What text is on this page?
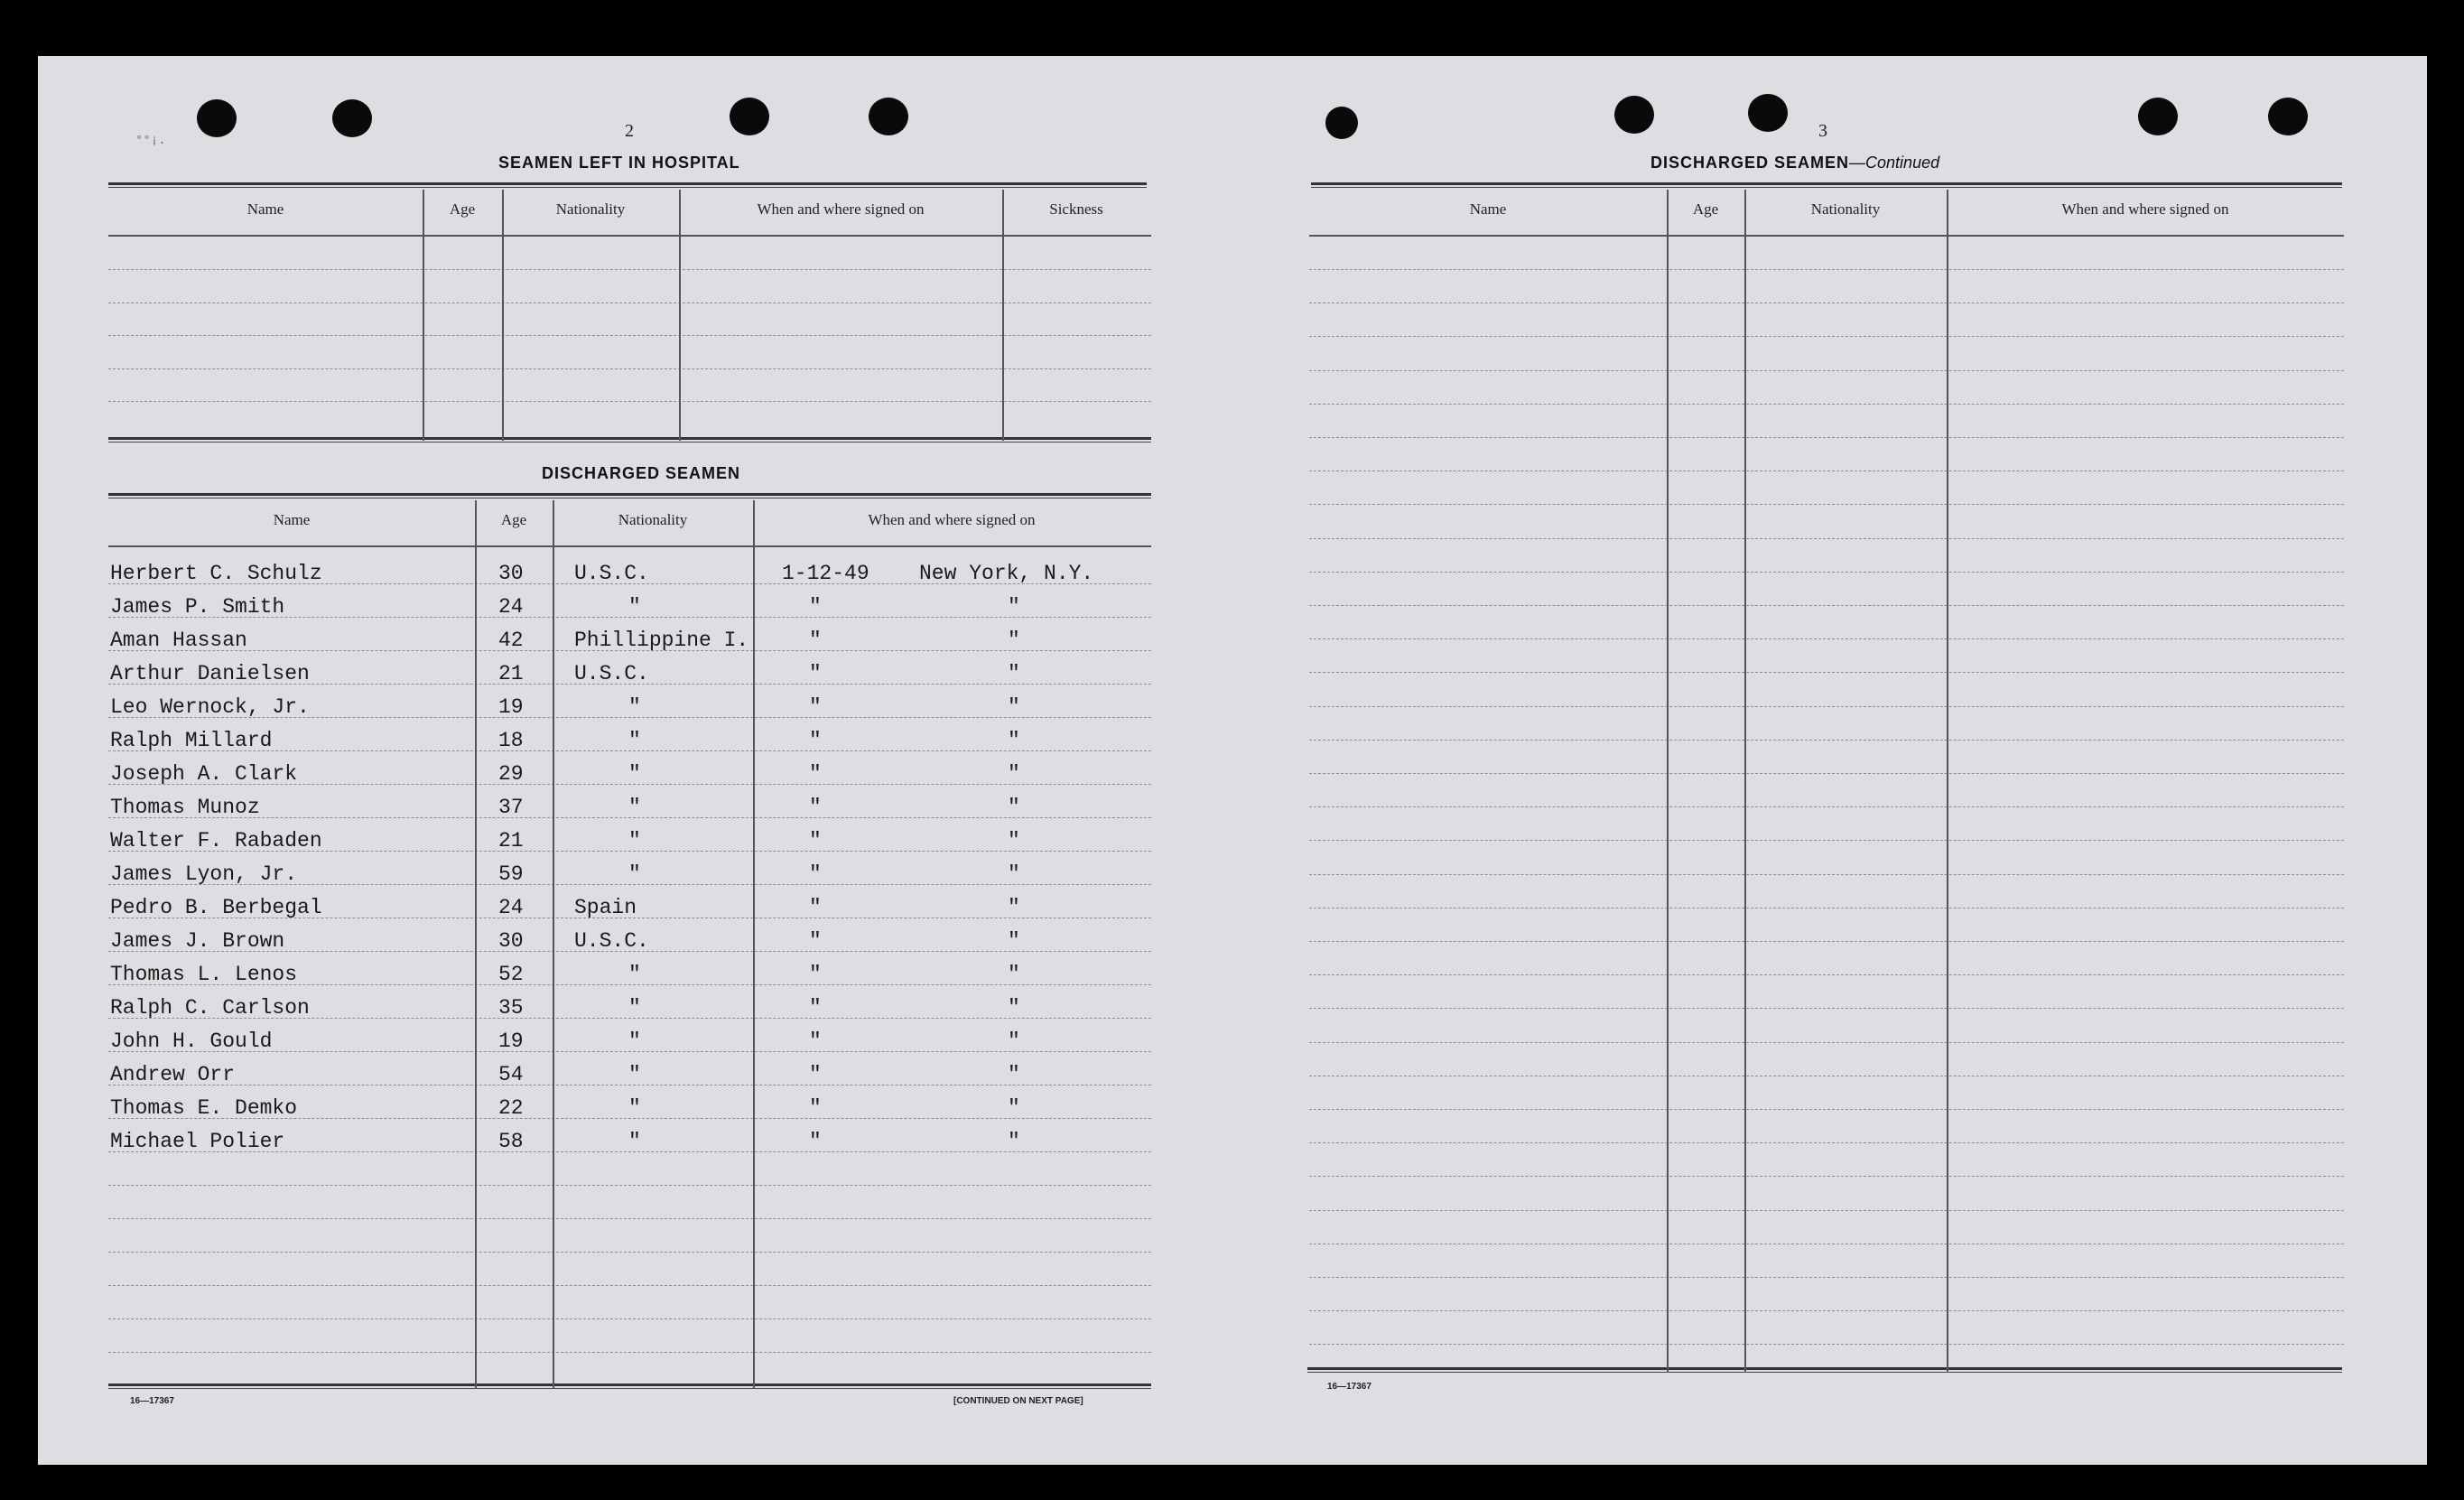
°°¡.	2
SEAMEN LEFT IN HOSPITAL
Name	Age	Nationality	When and where signed on	Sickness
DISCHARGED SEAMEN
Name	Age	Nationality	When and where signed on
Herbert C. Schulz	30 U.S.C.	1-12-49 New York, N.Y.
James P. Smith	24	"	"	"
Aman Hassan	42 Phillippine I.	"	"
Arthur Danielsen	21 U.S.C.	"	"
Leo Wernock, Jr.	19	"	"	"
Ralph Millard	18	"	"	"
Joseph A. Clark	29	"	"	"
Thomas Munoz	37	"	"	"
Walter F. Rabaden	21	"	"	"
James Lyon, Jr.	59	"	"	"
Pedro B. Berbegal	24 Spain	"	"
James J. Brown	30 U.S.C.	"	"
Thomas L. Lenos	52	"	"	"
Ralph C. Carlson	35	"	"	"
John H. Gould	19	"	"	"
Andrew Orr	54	"	"	"
Thomas E. Demko	22	"	"	"
Michael Polier	58	"	"	"
16—17367	[CONTINUED ON NEXT PAGE]
3
DISCHARGED SEAMEN—Continued
Name	Age	Nationality	When and where signed on
16—17367
